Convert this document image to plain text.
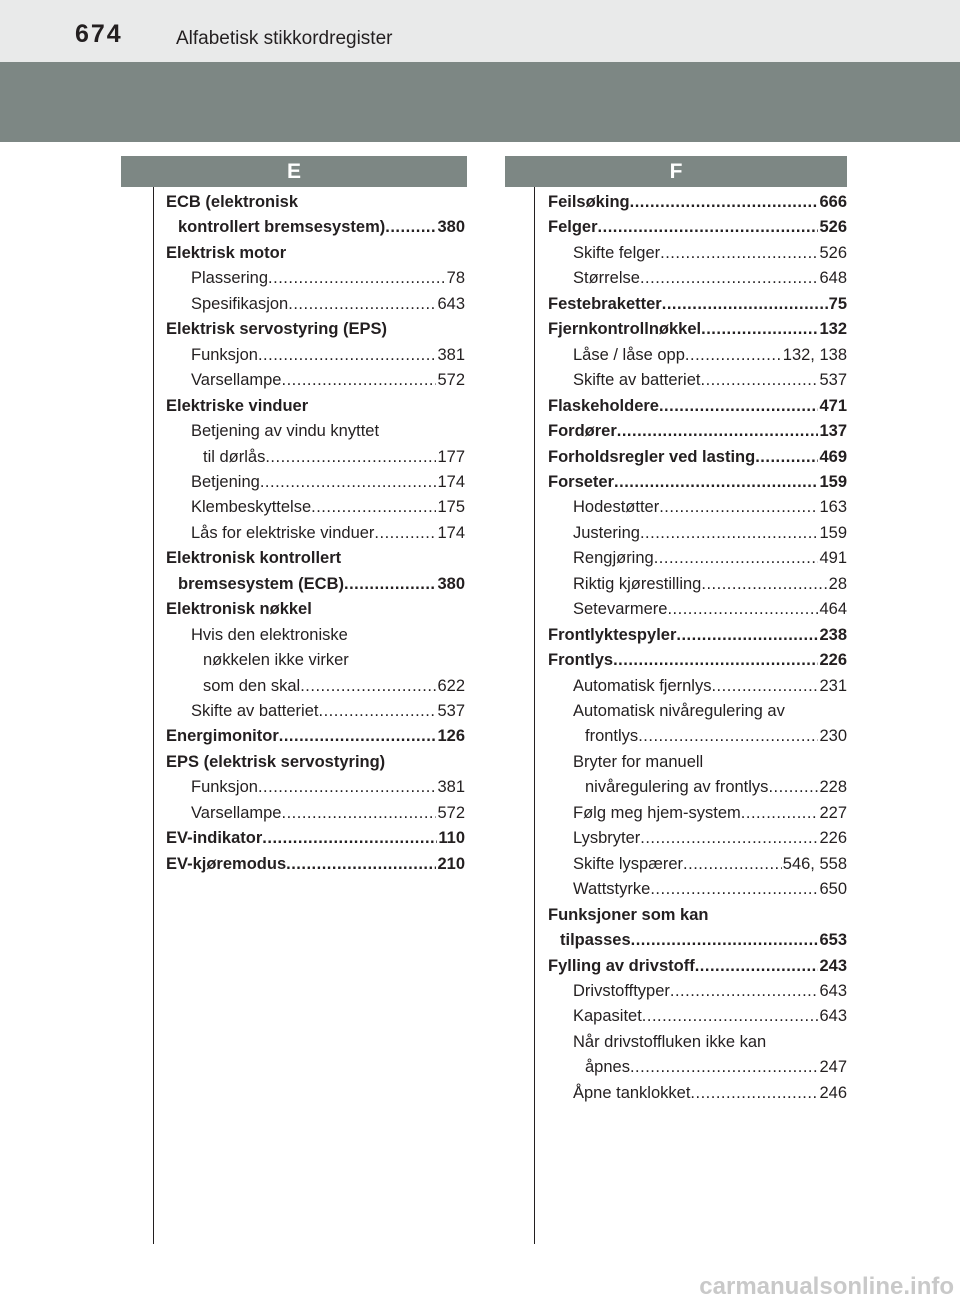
674	Alfabetisk stikkordregister
E	F
ECB (elektronisk
kontrollert bremsesystem) .....	380
Elektrisk motor
Plassering .....	78
Spesifikasjon .....	643
Elektrisk servostyring (EPS)
Funksjon .....	381
Varsellampe .....	572
Elektriske vinduer
Betjening av vindu knyttet
til dørlås .....	177
Betjening .....	174
Klembeskyttelse .....	175
Lås for elektriske vinduer .....	174
Elektronisk kontrollert
bremsesystem (ECB) .....	380
Elektronisk nøkkel
Hvis den elektroniske
nøkkelen ikke virker
som den skal .....	622
Skifte av batteriet .....	537
Energimonitor .....	126
EPS (elektrisk servostyring)
Funksjon .....	381
Varsellampe .....	572
EV-indikator .....	110
EV-kjøremodus .....	210
Feilsøking .....	666
Felger .....	526
Skifte felger .....	526
Størrelse .....	648
Festebraketter .....	75
Fjernkontrollnøkkel .....	132
Låse / låse opp .....	132, 138
Skifte av batteriet .....	537
Flaskeholdere .....	471
Fordører .....	137
Forholdsregler ved lasting .....	469
Forseter .....	159
Hodestøtter .....	163
Justering .....	159
Rengjøring .....	491
Riktig kjørestilling .....	28
Setevarmere .....	464
Frontlyktespyler .....	238
Frontlys .....	226
Automatisk fjernlys .....	231
Automatisk nivåregulering av
frontlys .....	230
Bryter for manuell
nivåregulering av frontlys .....	228
Følg meg hjem-system .....	227
Lysbryter .....	226
Skifte lyspærer .....	546, 558
Wattstyrke .....	650
Funksjoner som kan
tilpasses .....	653
Fylling av drivstoff .....	243
Drivstofftyper .....	643
Kapasitet .....	643
Når drivstoffluken ikke kan
åpnes .....	247
Åpne tanklokket .....	246
carmanualsonline.info
